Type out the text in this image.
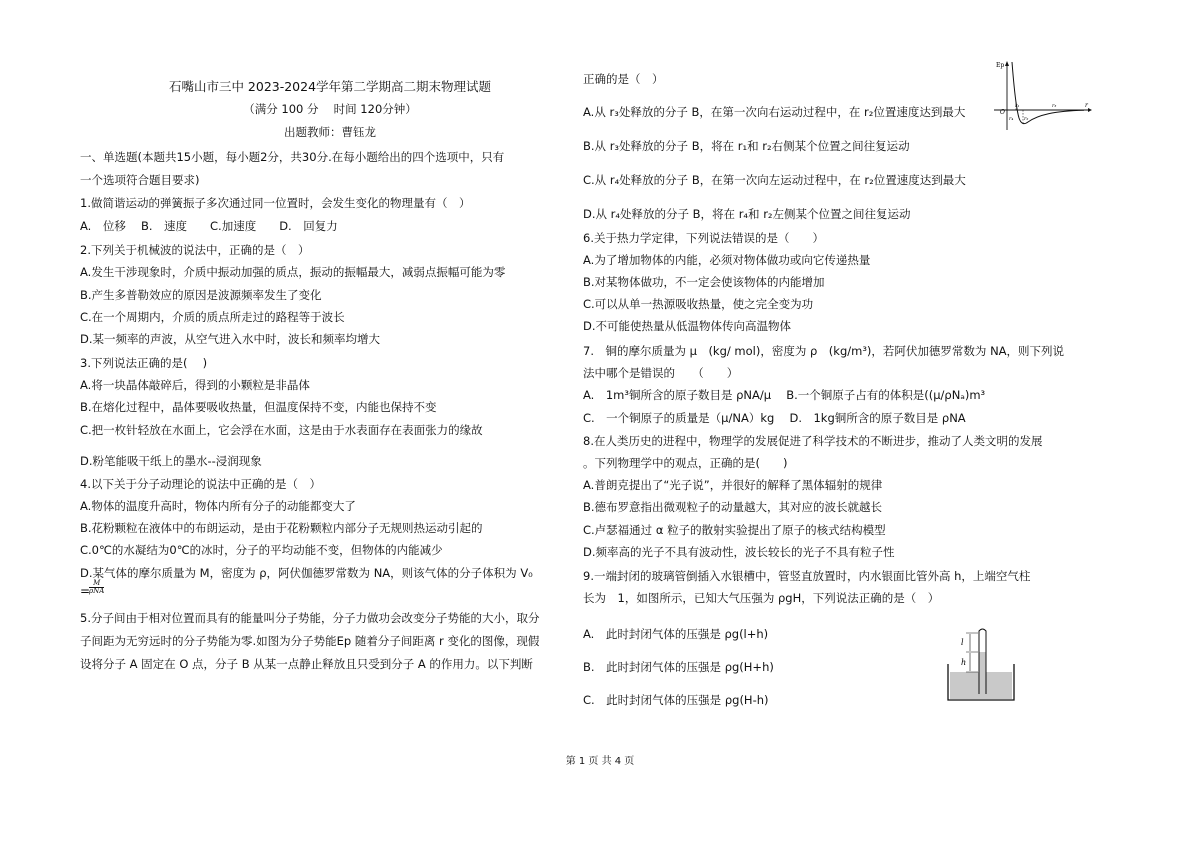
石嘴山市三中 2023-2024学年第二学期高二期末物理试题
（满分 100 分　 时间 120分钟）
出题教师：曹钰龙
一、单选题(本题共15小题，每小题2分，共30分.在每小题给出的四个选项中，只有
一个选项符合题目要求)
1.做简谐运动的弹簧振子多次通过同一位置时，会发生变化的物理量有（　）
A.　位移　 B.　速度　　C.加速度　　D.　回复力
2.下列关于机械波的说法中，正确的是（　）
A.发生干涉现象时，介质中振动加强的质点，振动的振幅最大，减弱点振幅可能为零
B.产生多普勒效应的原因是波源频率发生了变化
C.在一个周期内，介质的质点所走过的路程等于波长
D.某一频率的声波，从空气进入水中时，波长和频率均增大
3.下列说法正确的是(　 )
A.将一块晶体敲碎后，得到的小颗粒是非晶体
B.在熔化过程中，晶体要吸收热量，但温度保持不变，内能也保持不变
C.把一枚针轻放在水面上，它会浮在水面，这是由于水表面存在表面张力的缘故
D.粉笔能吸干纸上的墨水--浸润现象
4.以下关于分子动理论的说法中正确的是（　）
A.物体的温度升高时，物体内所有分子的动能都变大了
B.花粉颗粒在液体中的布朗运动，是由于花粉颗粒内部分子无规则热运动引起的
C.0℃的水凝结为0℃的冰时，分子的平均动能不变，但物体的内能减少
D.某气体的摩尔质量为 M，密度为 ρ，阿伏伽德罗常数为 NA，则该气体的分子体积为 V₀
=
M
ρNA
5.分子间由于相对位置而具有的能量叫分子势能，分子力做功会改变分子势能的大小，取分
子间距为无穷远时的分子势能为零.如图为分子势能Ep 随着分子间距离 r 变化的图像，现假
设将分子 A 固定在 O 点，分子 B 从某一点静止释放且只受到分子 A 的作用力。以下判断
正确的是（　）
A.从 r₃处释放的分子 B，在第一次向右运动过程中，在 r₂位置速度达到最大
B.从 r₃处释放的分子 B，将在 r₁和 r₂右侧某个位置之间往复运动
C.从 r₄处释放的分子 B，在第一次向左运动过程中，在 r₂位置速度达到最大
D.从 r₄处释放的分子 B，将在 r₄和 r₂左侧某个位置之间往复运动
6.关于热力学定律，下列说法错误的是（　　）
A.为了增加物体的内能，必须对物体做功或向它传递热量
B.对某物体做功，不一定会使该物体的内能增加
C.可以从单一热源吸收热量，使之完全变为功
D.不可能使热量从低温物体传向高温物体
7.　铜的摩尔质量为 μ　(kg/ mol)，密度为 ρ　(kg/m³)，若阿伏加德罗常数为 NA，则下列说
法中哪个是错误的　　（　　）
A.　1m³铜所含的原子数目是 ρNA/μ　 B.一个铜原子占有的体积是((μ/ρNₐ)m³
C.　一个铜原子的质量是（μ/NA）kg　 D.　1kg铜所含的原子数目是 ρNA
8.在人类历史的进程中，物理学的发展促进了科学技术的不断进步，推动了人类文明的发展
。下列物理学中的观点，正确的是(　　)
A.普朗克提出了“光子说”，并很好的解释了黑体辐射的规律
B.德布罗意指出微观粒子的动量越大，其对应的波长就越长
C.卢瑟福通过 α 粒子的散射实验提出了原子的核式结构模型
D.频率高的光子不具有波动性，波长较长的光子不具有粒子性
9.一端封闭的玻璃管倒插入水银槽中，管竖直放置时，内水银面比管外高 h，上端空气柱
长为　1，如图所示，已知大气压强为 ρgH，下列说法正确的是（　）
A.　此时封闭气体的压强是 ρg(l+h)
B.　此时封闭气体的压强是 ρg(H+h)
C.　此时封闭气体的压强是 ρg(H-h)
Ep
O
r
r₄
r₁
r₂
r₃
l
h
第 1 页 共 4 页
